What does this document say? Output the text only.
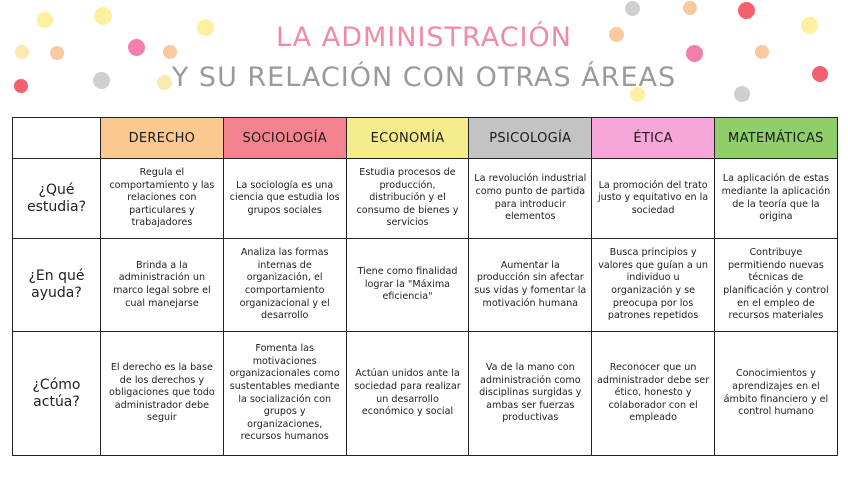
LA ADMINISTRACIÓN
Y SU RELACIÓN CON OTRAS ÁREAS
	DERECHO	SOCIOLOGÍA	ECONOMÍA	PSICOLOGÍA	ÉTICA	MATEMÁTICAS
¿Qué estudia?	Regula el comportamiento y las relaciones con particulares y trabajadores	La sociología es una ciencia que estudia los grupos sociales	Estudia procesos de producción, distribución y el consumo de bienes y servicios	La revolución industrial como punto de partida para introducir elementos	La promoción del trato justo y equitativo en la sociedad	La aplicación de estas mediante la aplicación de la teoría que la origina
¿En qué ayuda?	Brinda a la administración un marco legal sobre el cual manejarse	Analiza las formas internas de organización, el comportamiento organizacional y el desarrollo	Tiene como finalidad lograr la "Máxima eficiencia"	Aumentar la producción sin afectar sus vidas y fomentar la motivación humana	Busca principios y valores que guían a un individuo u organización y se preocupa por los patrones repetidos	Contribuye permitiendo nuevas técnicas de planificación y control en el empleo de recursos materiales
¿Cómo actúa?	El derecho es la base de los derechos y obligaciones que todo administrador debe seguir	Fomenta las motivaciones organizacionales como sustentables mediante la socialización con grupos y organizaciones, recursos humanos	Actúan unidos ante la sociedad para realizar un desarrollo económico y social	Va de la mano con administración como disciplinas surgidas y ambas ser fuerzas productivas	Reconocer que un administrador debe ser ético, honesto y colaborador con el empleado	Conocimientos y aprendizajes en el ámbito financiero y el control humano
